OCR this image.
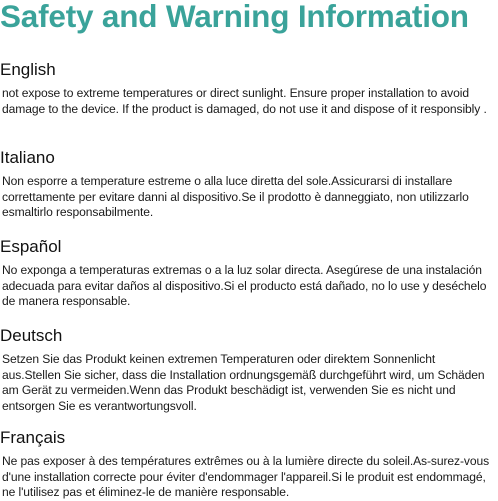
Safety and Warning Information
English

not expose to extreme temperatures or direct sunlight. Ensure proper installation to avoid damage to the device. If the product is damaged, do not use it and dispose of it responsibly .

Italiano

Non esporre a temperature estreme o alla luce diretta del sole.Assicurarsi di installare correttamente per evitare danni al dispositivo.Se il prodotto è danneggiato, non utilizzarlo esmaltirlo responsabilmente.

Español

No exponga a temperaturas extremas o a la luz solar directa. Asegúrese de una instalación adecuada para evitar daños al dispositivo.Si el producto está dañado, no lo use y deséchelo de manera responsable.

Deutsch

Setzen Sie das Produkt keinen extremen Temperaturen oder direktem Sonnenlicht aus.Stellen Sie sicher, dass die Installation ordnungsgemäß durchgeführt wird, um Schäden am Gerät zu vermeiden.Wenn das Produkt beschädigt ist, verwenden Sie es nicht und entsorgen Sie es verantwortungsvoll.

Français

Ne pas exposer à des températures extrêmes ou à la lumière directe du soleil.As-surez-vous d'une installation correcte pour éviter d'endommager l'appareil.Si le produit est endommagé, ne l'utilisez pas et éliminez-le de manière responsable.
